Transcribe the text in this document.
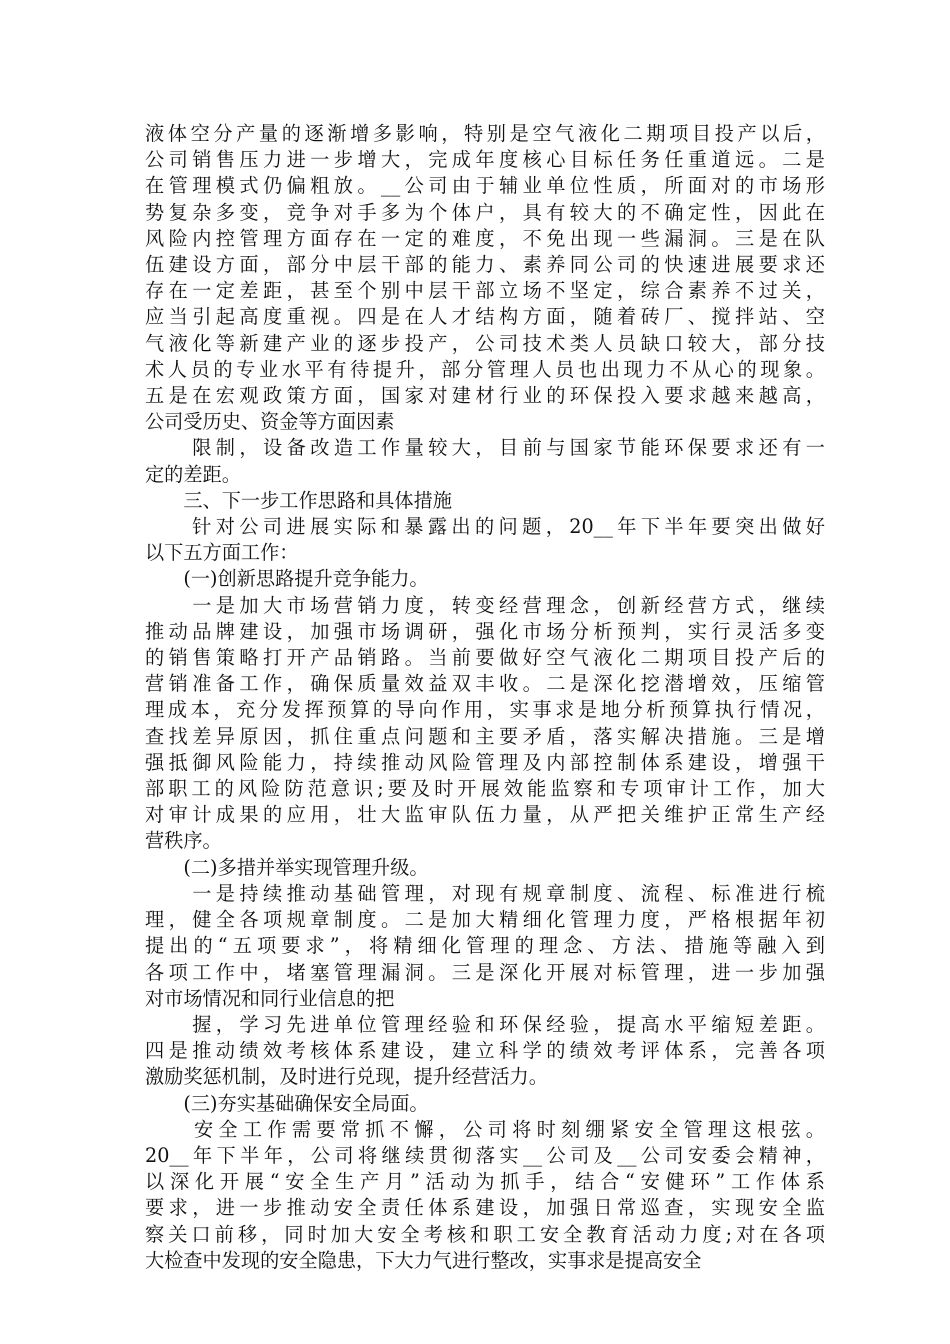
液体空分产量的逐渐增多影响，特别是空气液化二期项目投产以后，
公司销售压力进一步增大，完成年度核心目标任务任重道远。二是
在管理模式仍偏粗放。__公司由于辅业单位性质，所面对的市场形
势复杂多变，竞争对手多为个体户，具有较大的不确定性，因此在
风险内控管理方面存在一定的难度，不免出现一些漏洞。三是在队
伍建设方面，部分中层干部的能力、素养同公司的快速进展要求还
存在一定差距，甚至个别中层干部立场不坚定，综合素养不过关，
应当引起高度重视。四是在人才结构方面，随着砖厂、搅拌站、空
气液化等新建产业的逐步投产，公司技术类人员缺口较大，部分技
术人员的专业水平有待提升，部分管理人员也出现力不从心的现象。
五是在宏观政策方面，国家对建材行业的环保投入要求越来越高，
公司受历史、资金等方面因素

　　限制，设备改造工作量较大，目前与国家节能环保要求还有一
定的差距。

　　三、下一步工作思路和具体措施

　　针对公司进展实际和暴露出的问题，20__年下半年要突出做好
以下五方面工作：

　　(一)创新思路提升竞争能力。

　　一是加大市场营销力度，转变经营理念，创新经营方式，继续
推动品牌建设，加强市场调研，强化市场分析预判，实行灵活多变
的销售策略打开产品销路。当前要做好空气液化二期项目投产后的
营销准备工作，确保质量效益双丰收。二是深化挖潜增效，压缩管
理成本，充分发挥预算的导向作用，实事求是地分析预算执行情况，
查找差异原因，抓住重点问题和主要矛盾，落实解决措施。三是增
强抵御风险能力，持续推动风险管理及内部控制体系建设，增强干
部职工的风险防范意识;要及时开展效能监察和专项审计工作，加大
对审计成果的应用，壮大监审队伍力量，从严把关维护正常生产经
营秩序。

　　(二)多措并举实现管理升级。

　　一是持续推动基础管理，对现有规章制度、流程、标准进行梳
理，健全各项规章制度。二是加大精细化管理力度，严格根据年初
提出的“五项要求”，将精细化管理的理念、方法、措施等融入到
各项工作中，堵塞管理漏洞。三是深化开展对标管理，进一步加强
对市场情况和同行业信息的把

　　握，学习先进单位管理经验和环保经验，提高水平缩短差距。
四是推动绩效考核体系建设，建立科学的绩效考评体系，完善各项
激励奖惩机制，及时进行兑现，提升经营活力。

　　(三)夯实基础确保安全局面。

　　安全工作需要常抓不懈，公司将时刻绷紧安全管理这根弦。
20__年下半年，公司将继续贯彻落实__公司及__公司安委会精神，
以深化开展“安全生产月”活动为抓手，结合“安健环”工作体系
要求，进一步推动安全责任体系建设，加强日常巡查，实现安全监
察关口前移，同时加大安全考核和职工安全教育活动力度;对在各项
大检查中发现的安全隐患，下大力气进行整改，实事求是提高安全
